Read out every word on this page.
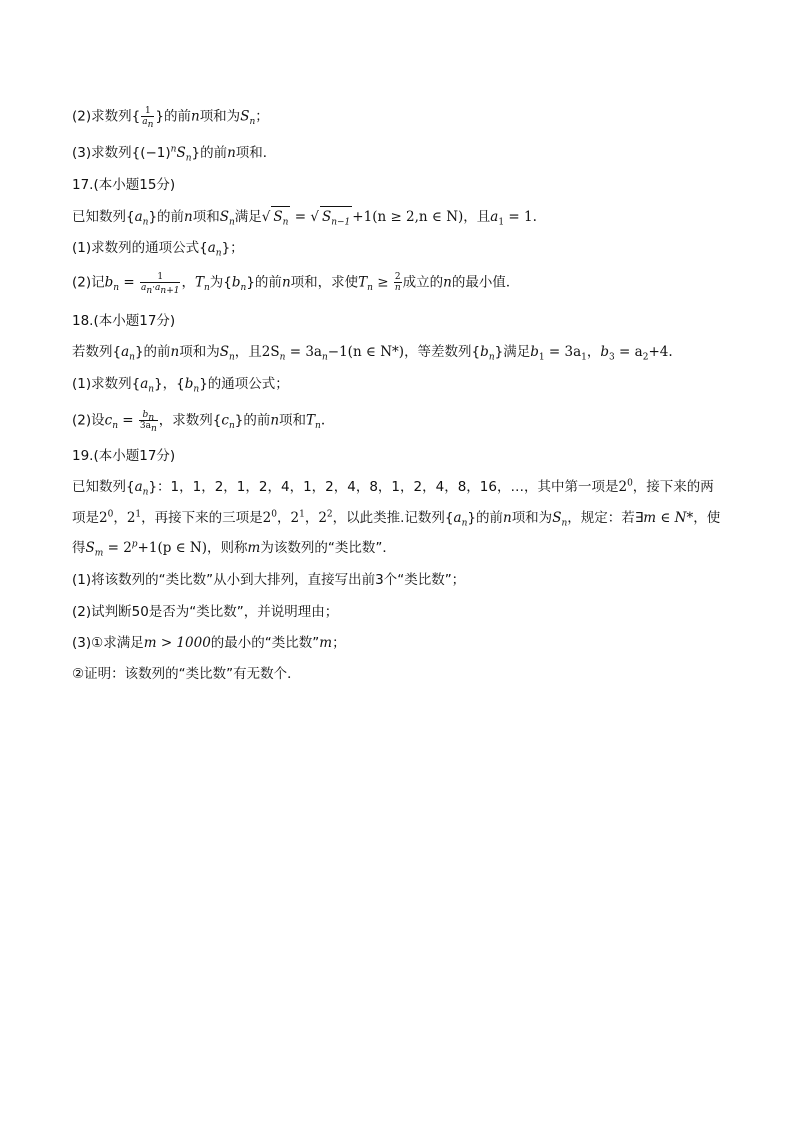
(2)求数列{ $\frac{1}{a_n}$ }的前n项和为$S_n$；
(3)求数列$\{(-1)^nS_n\}$的前n项和．
17.(本小题15分)
已知数列$\{a_n\}$的前n项和$S_n$满足√ $S_n$ = √ $S_{n-1} +1(n \ge 2,n$ ∈ N)，且$a_1 = 1$.
(1)求数列的通项公式$\{a_n\}$；
(2)记$b_n = \frac{1}{a_n\cdot a_{n+1}}$ ，$T_n$为$\{b_n\}$的前n项和，求使$T_n \ge \frac{2}{n}$ 成立的n的最小值．
18.(本小题17分)
若数列$\{a_n\}$的前n项和为$S_n$，且$2S_n = 3a_n-1(n$ ∈ N*)，等差数列$\{b_n\}$满足$b_1 = 3a_1$，$b_3 = a_2+4$.
(1)求数列$\{a_n\}$，$\{b_n\}$的通项公式；
(2)设$c_n = \frac{b_n}{3a_n}$ ，求数列$\{c_n\}$的前n项和$T_n$.
19.(本小题17分)
已知数列$\{a_n\}$：1，1，2，1，2，4，1，2，4，8，1，2，4，8，16，…，其中第一项是$2^0$，接下来的两
项是$2^0$，$2^1$，再接下来的三项是$2^0$，$2^1$，$2^2$，以此类推.记数列$\{a_n\}$的前n项和为$S_n$，规定：若∃m ∈ N*，使
得$S_m = 2^p+1(p$ ∈ N)，则称m为该数列的“类比数”．
(1)将该数列的“类比数”从小到大排列，直接写出前3个“类比数”；
(2)试判断50是否为“类比数”，并说明理由；
(3)①求满足m > 1000的最小的“类比数”m；
②证明：该数列的“类比数”有无数个．
